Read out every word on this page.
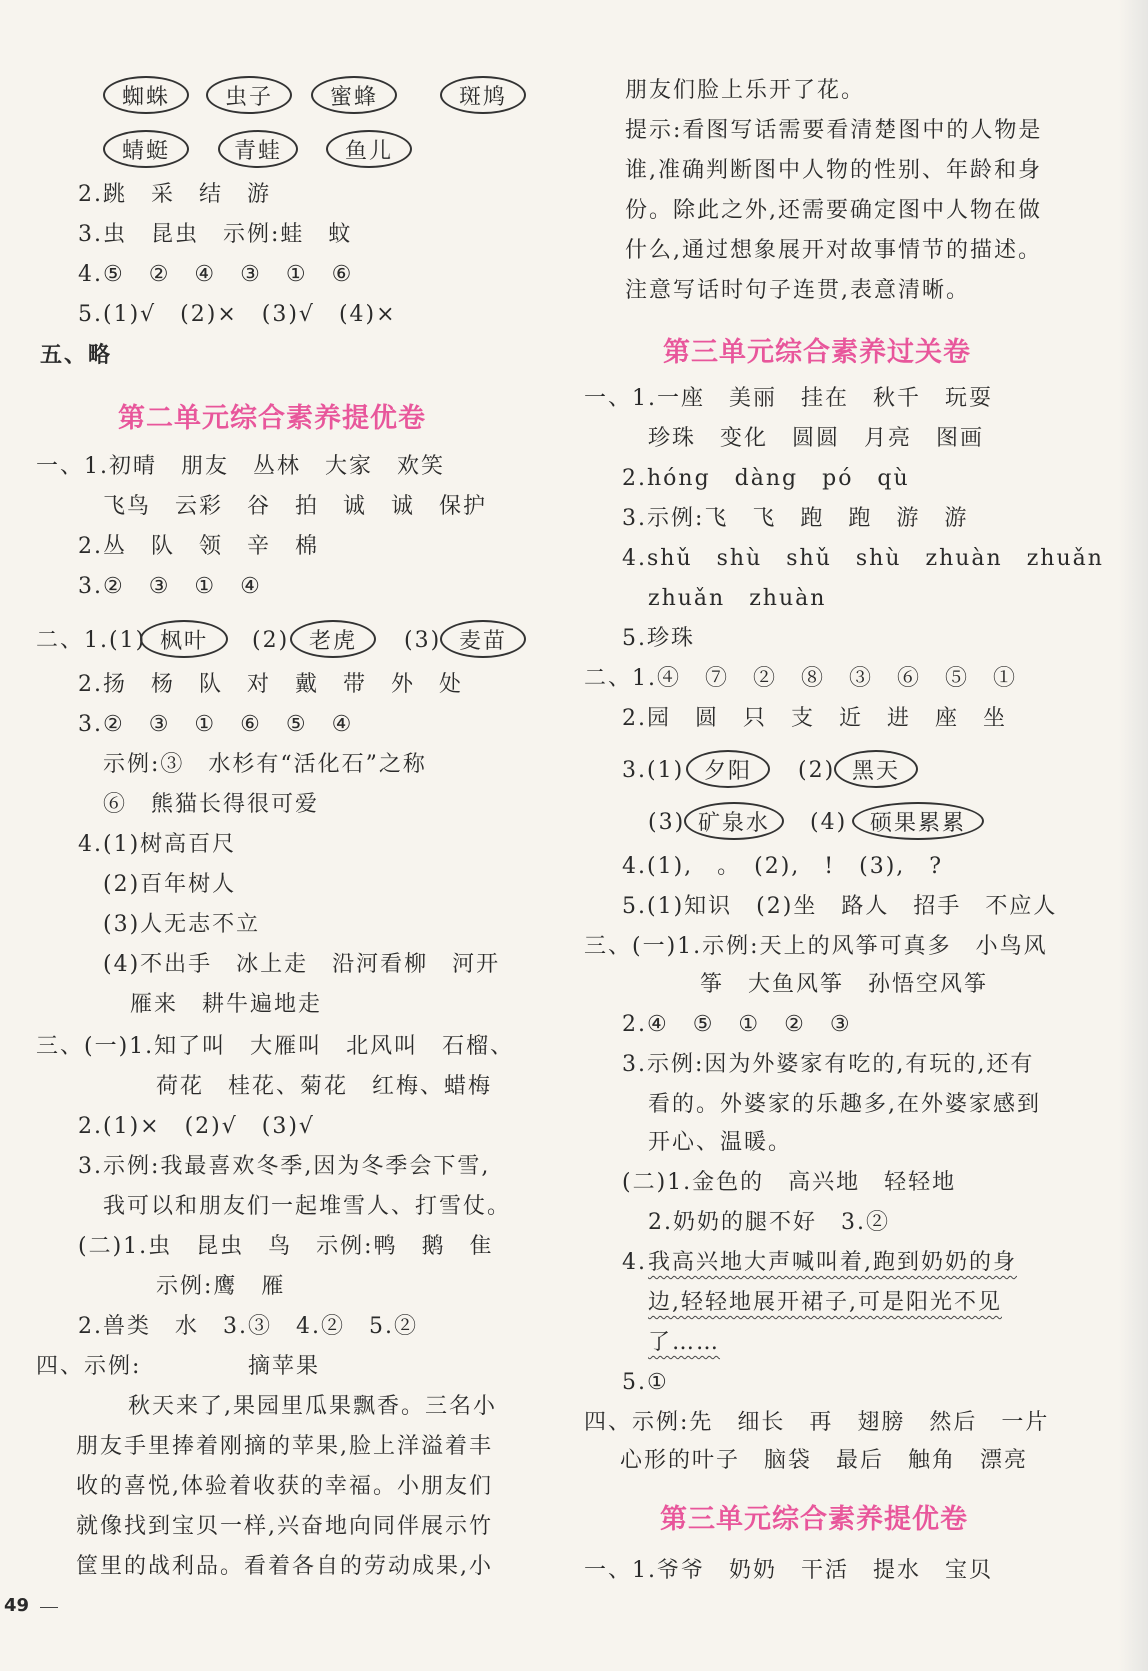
蜘蛛 虫子	蜜蜂	斑鸠
蜻蜓	青蛙	鱼儿
2.跳　采　结　游
3.虫　昆虫　示例:蛙　蚊
4.⑤　②　④　③　①　⑥
5.(1)√　(2)×　(3)√　(4)×
五、略
第二单元综合素养提优卷
一、1.初晴　朋友　丛林　大家　欢笑
飞鸟　云彩　谷　拍　诚　诚　保护
2.丛　队　领　辛　棉
3.②　③　①　④
二、1.(1) 枫叶 (2) 老虎 (3) 麦苗
2.扬　杨　队　对　戴　带　外　处
3.②　③　①　⑥　⑤　④
示例:③　水杉有“活化石”之称
⑥　熊猫长得很可爱
4.(1)树高百尺
(2)百年树人
(3)人无志不立
(4)不出手　冰上走　沿河看柳　河开
雁来　耕牛遍地走
三、(一)1.知了叫　大雁叫　北风叫　石榴、
荷花　桂花、菊花　红梅、蜡梅
2.(1)×　(2)√　(3)√
3.示例:我最喜欢冬季,因为冬季会下雪,
我可以和朋友们一起堆雪人、打雪仗。
(二)1.虫　昆虫　鸟　示例:鸭　鹅　隹
示例:鹰　雁
2.兽类　水　3.③　4.②　5.②
四、示例:	摘苹果
秋天来了,果园里瓜果飘香。三名小
朋友手里捧着刚摘的苹果,脸上洋溢着丰
收的喜悦,体验着收获的幸福。小朋友们
就像找到宝贝一样,兴奋地向同伴展示竹
筐里的战利品。看着各自的劳动成果,小
朋友们脸上乐开了花。
提示:看图写话需要看清楚图中的人物是
谁,准确判断图中人物的性别、年龄和身
份。除此之外,还需要确定图中人物在做
什么,通过想象展开对故事情节的描述。
注意写话时句子连贯,表意清晰。
第三单元综合素养过关卷
一、1.一座　美丽　挂在　秋千　玩耍
珍珠　变化　圆圆　月亮　图画
2.hóng　dàng　pó　qù
3.示例:飞　飞　跑　跑　游　游
4.shǔ　shù　shǔ　shù　zhuàn　zhuǎn
zhuǎn　zhuàn
5.珍珠
二、1.④　⑦　②　⑧　③　⑥　⑤　①
2.园　圆　只　支　近　进　座　坐
3.(1) 夕阳 (2) 黑天
(3) 矿泉水 (4) 硕果累累
4.(1),　。　(2),　!　(3),　?
5.(1)知识　(2)坐　路人　招手　不应人
三、(一)1.示例:天上的风筝可真多　小鸟风
筝　大鱼风筝　孙悟空风筝
2.④　⑤　①　②　③
3.示例:因为外婆家有吃的,有玩的,还有
看的。外婆家的乐趣多,在外婆家感到
开心、温暖。
(二)1.金色的　高兴地　轻轻地
2.奶奶的腿不好　3.②
4. 我高兴地大声喊叫着,跑到奶奶的身
边,轻轻地展开裙子,可是阳光不见
了……
5.①
四、示例:先　细长　再　翅膀　然后　一片
心形的叶子　脑袋　最后　触角　漂亮
第三单元综合素养提优卷
一、1.爷爷　奶奶　干活　提水　宝贝
49
